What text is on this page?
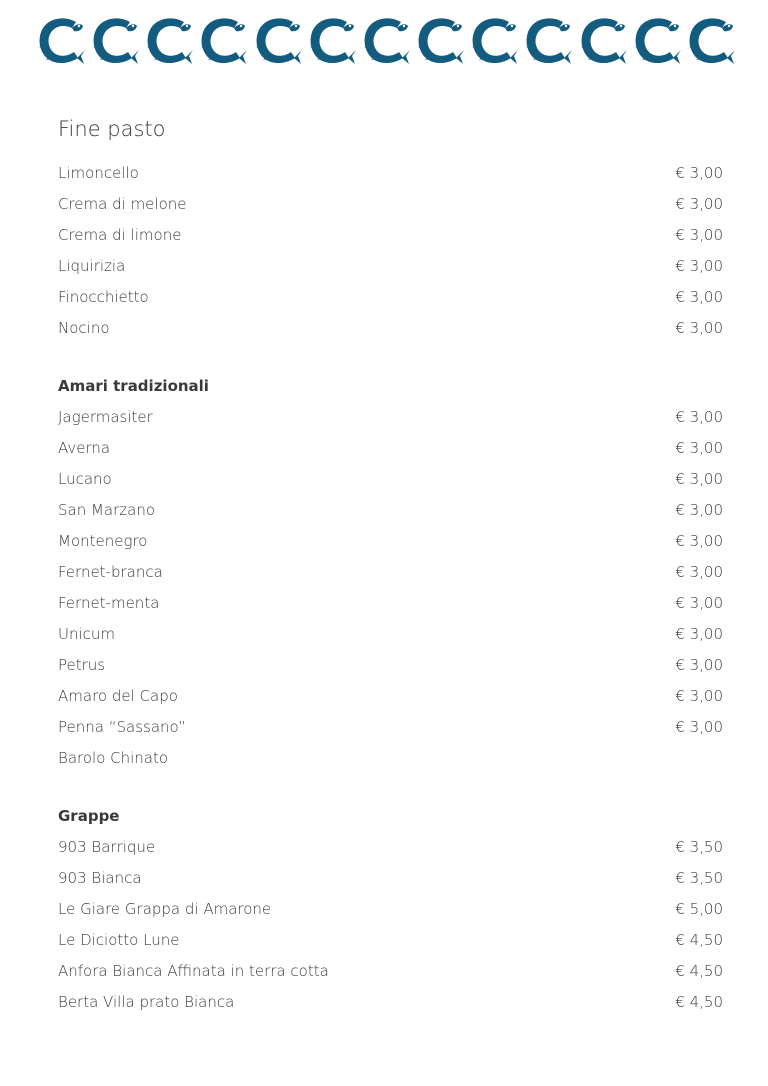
Fine pasto
Limoncello	€ 3,00
Crema di melone	€ 3,00
Crema di limone	€ 3,00
Liquirizia	€ 3,00
Finocchietto	€ 3,00
Nocino	€ 3,00
Amari tradizionali
Jagermasiter	€ 3,00
Averna	€ 3,00
Lucano	€ 3,00
San Marzano	€ 3,00
Montenegro	€ 3,00
Fernet-branca	€ 3,00
Fernet-menta	€ 3,00
Unicum	€ 3,00
Petrus	€ 3,00
Amaro del Capo	€ 3,00
Penna “Sassano”	€ 3,00
Barolo Chinato
Grappe
903 Barrique	€ 3,50
903 Bianca	€ 3,50
Le Giare Grappa di Amarone	€ 5,00
Le Diciotto Lune	€ 4,50
Anfora Bianca Affinata in terra cotta	€ 4,50
Berta Villa prato Bianca	€ 4,50
